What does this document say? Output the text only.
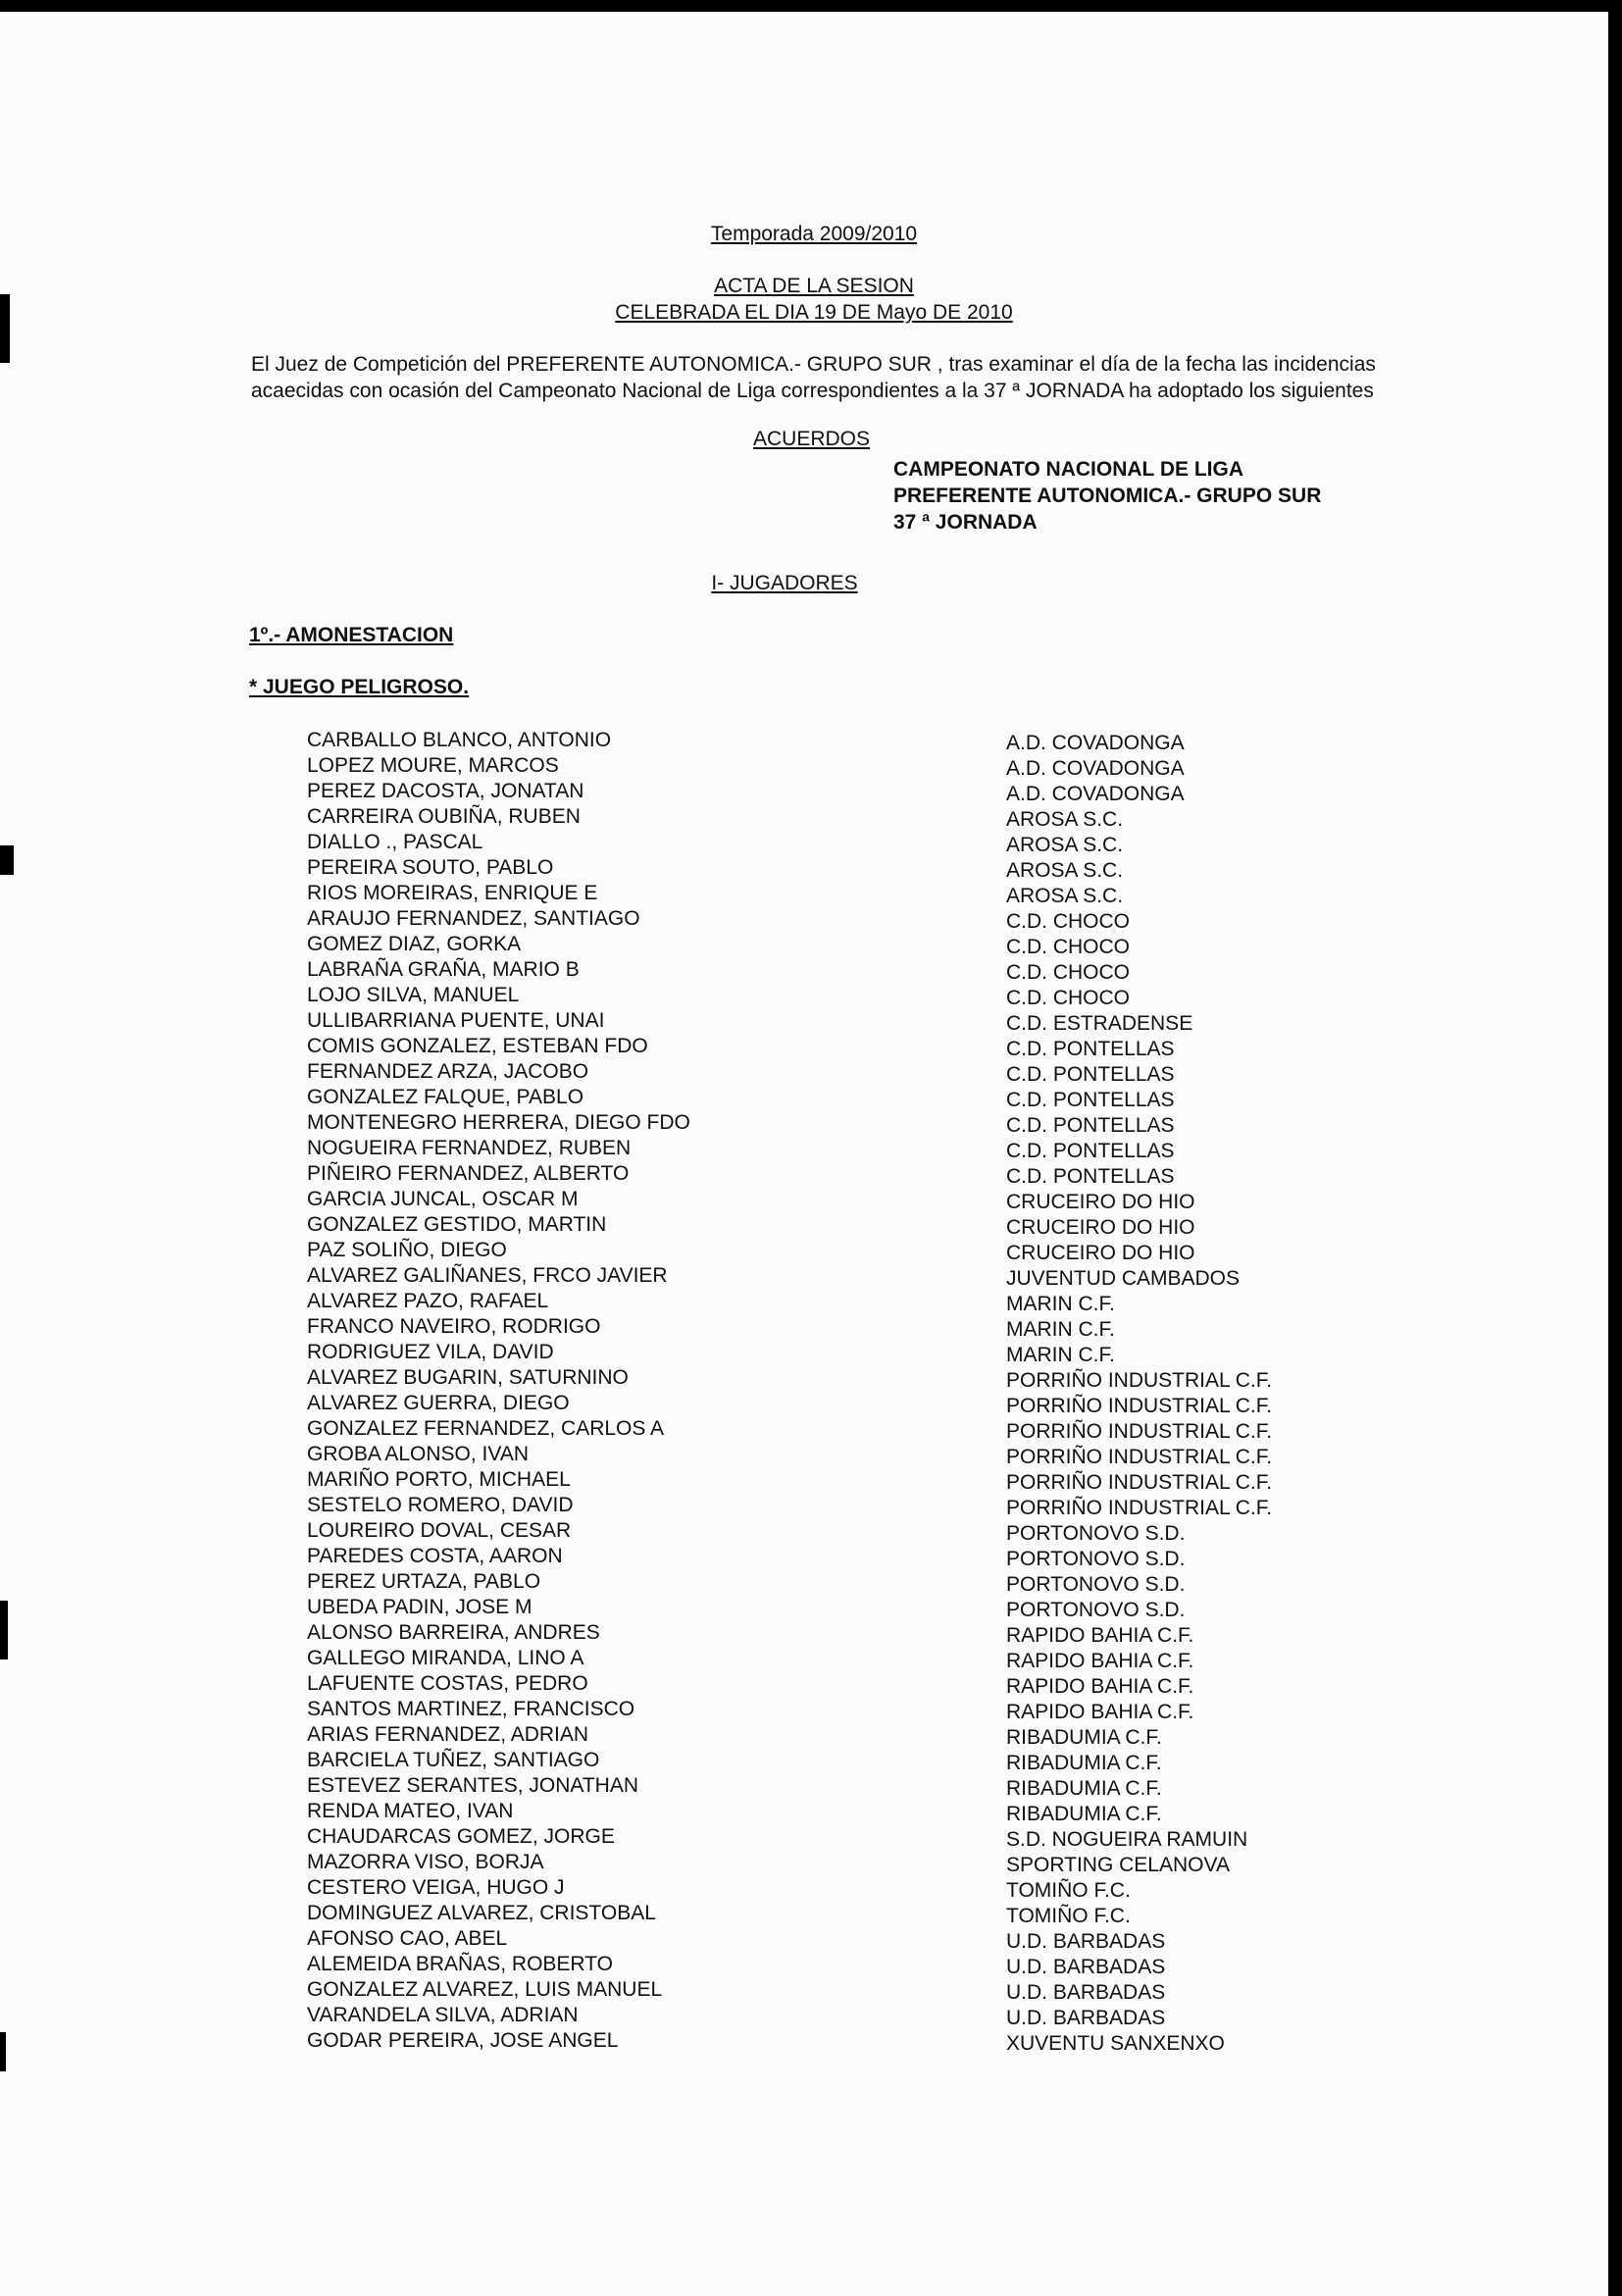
Temporada 2009/2010
ACTA DE LA SESION
CELEBRADA EL DIA 19 DE Mayo DE 2010
El Juez de Competición del PREFERENTE AUTONOMICA.- GRUPO SUR , tras examinar el día de la fecha las incidencias
acaecidas con ocasión del Campeonato Nacional de Liga correspondientes a la 37 ª JORNADA ha adoptado los siguientes
ACUERDOS
CAMPEONATO NACIONAL DE LIGA
PREFERENTE AUTONOMICA.- GRUPO SUR
37 ª JORNADA
I- JUGADORES
1º.- AMONESTACION
* JUEGO PELIGROSO.
CARBALLO BLANCO, ANTONIO	A.D. COVADONGA
LOPEZ MOURE, MARCOS	A.D. COVADONGA
PEREZ DACOSTA, JONATAN	A.D. COVADONGA
CARREIRA OUBIÑA, RUBEN	AROSA S.C.
DIALLO ., PASCAL	AROSA S.C.
PEREIRA SOUTO, PABLO	AROSA S.C.
RIOS MOREIRAS, ENRIQUE E	AROSA S.C.
ARAUJO FERNANDEZ, SANTIAGO	C.D. CHOCO
GOMEZ DIAZ, GORKA	C.D. CHOCO
LABRAÑA GRAÑA, MARIO B	C.D. CHOCO
LOJO SILVA, MANUEL	C.D. CHOCO
ULLIBARRIANA PUENTE, UNAI	C.D. ESTRADENSE
COMIS GONZALEZ, ESTEBAN FDO	C.D. PONTELLAS
FERNANDEZ ARZA, JACOBO	C.D. PONTELLAS
GONZALEZ FALQUE, PABLO	C.D. PONTELLAS
MONTENEGRO HERRERA, DIEGO FDO	C.D. PONTELLAS
NOGUEIRA FERNANDEZ, RUBEN	C.D. PONTELLAS
PIÑEIRO FERNANDEZ, ALBERTO	C.D. PONTELLAS
GARCIA JUNCAL, OSCAR M	CRUCEIRO DO HIO
GONZALEZ GESTIDO, MARTIN	CRUCEIRO DO HIO
PAZ SOLIÑO, DIEGO	CRUCEIRO DO HIO
ALVAREZ GALIÑANES, FRCO JAVIER	JUVENTUD CAMBADOS
ALVAREZ PAZO, RAFAEL	MARIN C.F.
FRANCO NAVEIRO, RODRIGO	MARIN C.F.
RODRIGUEZ VILA, DAVID	MARIN C.F.
ALVAREZ BUGARIN, SATURNINO	PORRIÑO INDUSTRIAL C.F.
ALVAREZ GUERRA, DIEGO	PORRIÑO INDUSTRIAL C.F.
GONZALEZ FERNANDEZ, CARLOS A	PORRIÑO INDUSTRIAL C.F.
GROBA ALONSO, IVAN	PORRIÑO INDUSTRIAL C.F.
MARIÑO PORTO, MICHAEL	PORRIÑO INDUSTRIAL C.F.
SESTELO ROMERO, DAVID	PORRIÑO INDUSTRIAL C.F.
LOUREIRO DOVAL, CESAR	PORTONOVO S.D.
PAREDES COSTA, AARON	PORTONOVO S.D.
PEREZ URTAZA, PABLO	PORTONOVO S.D.
UBEDA PADIN, JOSE M	PORTONOVO S.D.
ALONSO BARREIRA, ANDRES	RAPIDO BAHIA C.F.
GALLEGO MIRANDA, LINO A	RAPIDO BAHIA C.F.
LAFUENTE COSTAS, PEDRO	RAPIDO BAHIA C.F.
SANTOS MARTINEZ, FRANCISCO	RAPIDO BAHIA C.F.
ARIAS FERNANDEZ, ADRIAN	RIBADUMIA C.F.
BARCIELA TUÑEZ, SANTIAGO	RIBADUMIA C.F.
ESTEVEZ SERANTES, JONATHAN	RIBADUMIA C.F.
RENDA MATEO, IVAN	RIBADUMIA C.F.
CHAUDARCAS GOMEZ, JORGE	S.D. NOGUEIRA RAMUIN
MAZORRA VISO, BORJA	SPORTING CELANOVA
CESTERO VEIGA, HUGO J	TOMIÑO F.C.
DOMINGUEZ ALVAREZ, CRISTOBAL	TOMIÑO F.C.
AFONSO CAO, ABEL	U.D. BARBADAS
ALEMEIDA BRAÑAS, ROBERTO	U.D. BARBADAS
GONZALEZ ALVAREZ, LUIS MANUEL	U.D. BARBADAS
VARANDELA SILVA, ADRIAN	U.D. BARBADAS
GODAR PEREIRA, JOSE ANGEL	XUVENTU SANXENXO
